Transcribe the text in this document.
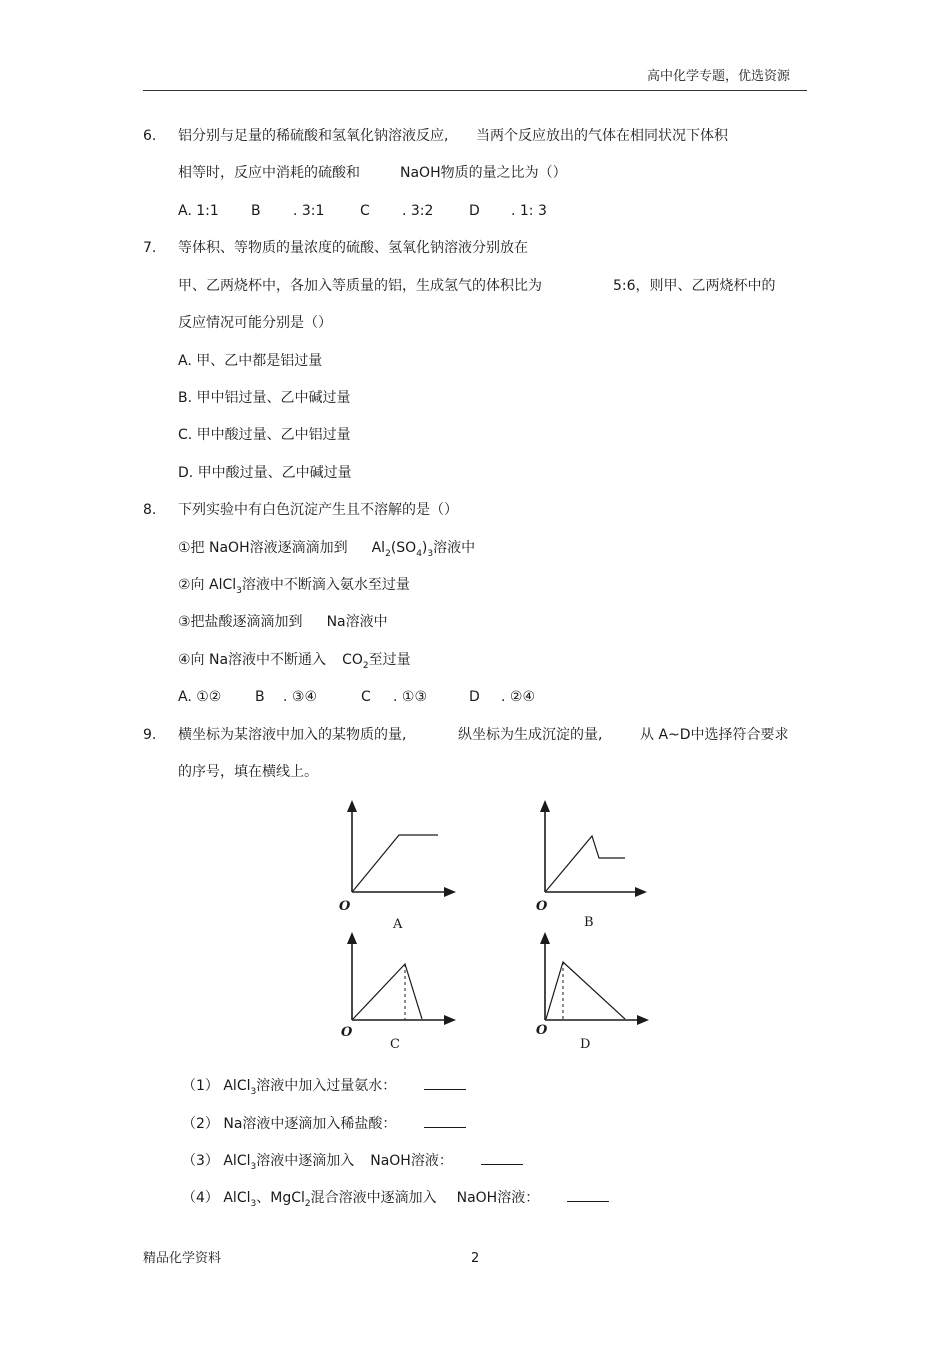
高中化学专题，优选资源
6. 铝分别与足量的稀硫酸和氢氧化钠溶液反应, 当两个反应放出的气体在相同状况下体积
相等时，反应中消耗的硫酸和	NaOH物质的量之比为（）
A. 1:1 B . 3:1	C . 3:2	D . 1: 3
7. 等体积、等物质的量浓度的硫酸、氢氧化钠溶液分别放在
甲、乙两烧杯中，各加入等质量的铝，生成氢气的体积比为	5:6，则甲、乙两烧杯中的
反应情况可能分别是（）
A. 甲、乙中都是铝过量
B. 甲中铝过量、乙中碱过量
C. 甲中酸过量、乙中铝过量
D. 甲中酸过量、乙中碱过量
8. 下列实验中有白色沉淀产生且不溶解的是（）
①把 NaOH溶液逐滴滴加到 $Al_2(SO_4)_3$溶液中
②向 AlCl$_3$溶液中不断滴入氨水至过量
③把盐酸逐滴滴加到 Na溶液中
④向 Na溶液中不断通入 $CO_2$至过量
A. ①② B . ③④	C . ①③	D . ②④
9. 横坐标为某溶液中加入的某物质的量,	纵坐标为生成沉淀的量,	从 A~D中选择符合要求
的序号，填在横线上。
O
A
O
B
O
C
O
D
（1） AlCl$_3$溶液中加入过量氨水：
（2） Na溶液中逐滴加入稀盐酸：
（3） AlCl$_3$溶液中逐滴加入 NaOH溶液：
（4） AlCl$_3$、MgCl$_2$混合溶液中逐滴加入 NaOH溶液：
精品化学资料	2
